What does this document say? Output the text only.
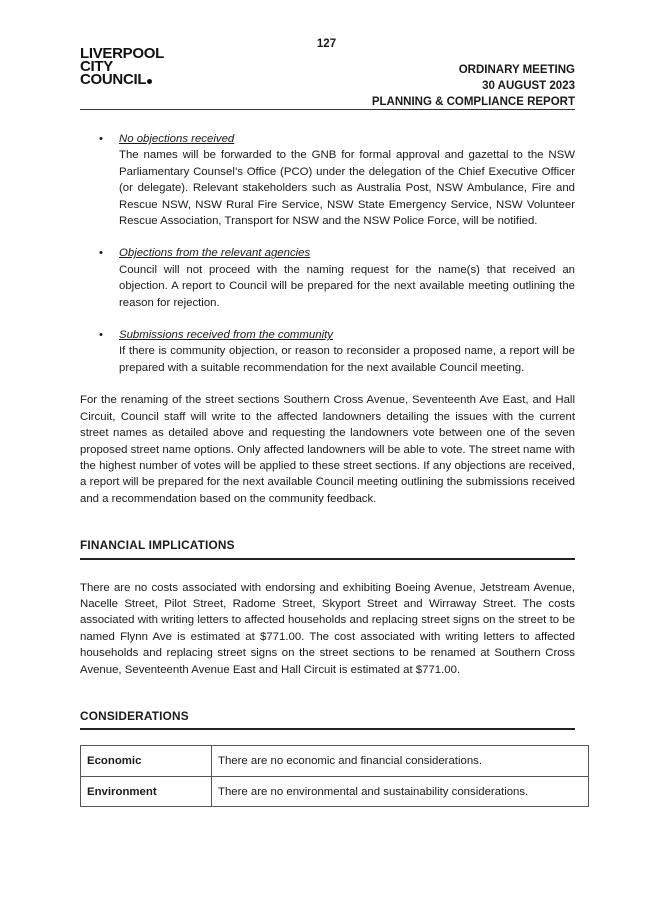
127
LIVERPOOL
CITY
COUNCIL
ORDINARY MEETING
30 AUGUST 2023
PLANNING & COMPLIANCE REPORT
• No objections received
The names will be forwarded to the GNB for formal approval and gazettal to the NSW Parliamentary Counsel’s Office (PCO) under the delegation of the Chief Executive Officer (or delegate). Relevant stakeholders such as Australia Post, NSW Ambulance, Fire and Rescue NSW, NSW Rural Fire Service, NSW State Emergency Service, NSW Volunteer Rescue Association, Transport for NSW and the NSW Police Force, will be notified.
• Objections from the relevant agencies
Council will not proceed with the naming request for the name(s) that received an objection. A report to Council will be prepared for the next available meeting outlining the reason for rejection.
• Submissions received from the community
If there is community objection, or reason to reconsider a proposed name, a report will be prepared with a suitable recommendation for the next available Council meeting.

For the renaming of the street sections Southern Cross Avenue, Seventeenth Ave East, and Hall Circuit, Council staff will write to the affected landowners detailing the issues with the current street names as detailed above and requesting the landowners vote between one of the seven proposed street name options. Only affected landowners will be able to vote. The street name with the highest number of votes will be applied to these street sections. If any objections are received, a report will be prepared for the next available Council meeting outlining the submissions received and a recommendation based on the community feedback.

FINANCIAL IMPLICATIONS

There are no costs associated with endorsing and exhibiting Boeing Avenue, Jetstream Avenue, Nacelle Street, Pilot Street, Radome Street, Skyport Street and Wirraway Street. The costs associated with writing letters to affected households and replacing street signs on the street to be named Flynn Ave is estimated at $771.00. The cost associated with writing letters to affected households and replacing street signs on the street sections to be renamed at Southern Cross Avenue, Seventeenth Avenue East and Hall Circuit is estimated at $771.00.

CONSIDERATIONS
Economic	There are no economic and financial considerations.
Environment	There are no environmental and sustainability considerations.
